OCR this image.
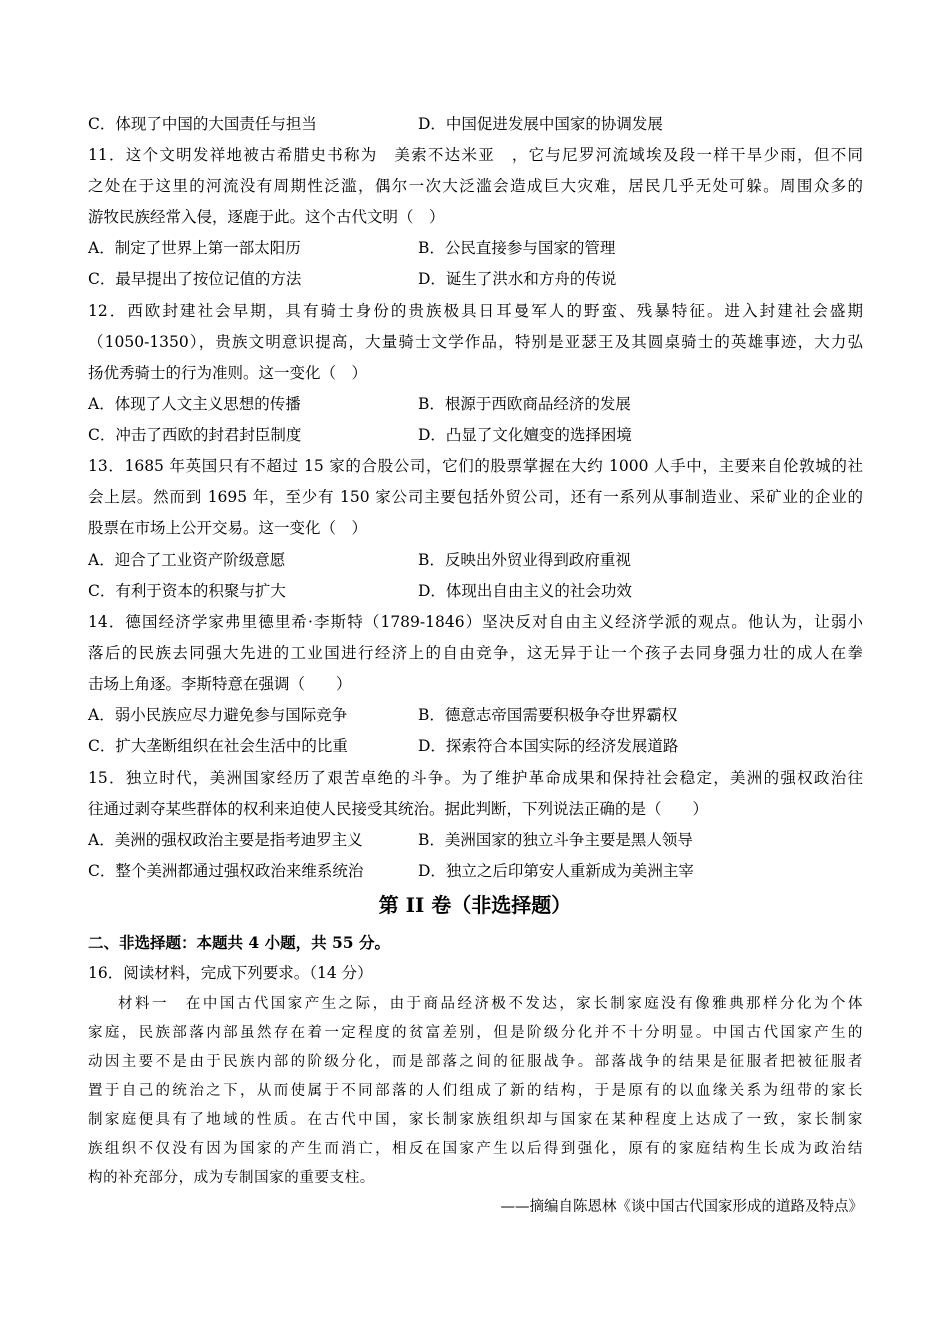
C．体现了中国的大国责任与担当	D．中国促进发展中国家的协调发展
11．这个文明发祥地被古希腊史书称为　美索不达米亚　，它与尼罗河流域埃及段一样干旱少雨，但不同
之处在于这里的河流没有周期性泛滥，偶尔一次大泛滥会造成巨大灾难，居民几乎无处可躲。周围众多的
游牧民族经常入侵，逐鹿于此。这个古代文明（　）
A．制定了世界上第一部太阳历	B．公民直接参与国家的管理
C．最早提出了按位记值的方法	D．诞生了洪水和方舟的传说
12．西欧封建社会早期，具有骑士身份的贵族极具日耳曼军人的野蛮、残暴特征。进入封建社会盛期
（1050-1350），贵族文明意识提高，大量骑士文学作品，特别是亚瑟王及其圆桌骑士的英雄事迹，大力弘
扬优秀骑士的行为准则。这一变化（　）
A．体现了人文主义思想的传播	B．根源于西欧商品经济的发展
C．冲击了西欧的封君封臣制度	D．凸显了文化嬗变的选择困境
13．1685 年英国只有不超过 15 家的合股公司，它们的股票掌握在大约 1000 人手中，主要来自伦敦城的社
会上层。然而到 1695 年，至少有 150 家公司主要包括外贸公司，还有一系列从事制造业、采矿业的企业的
股票在市场上公开交易。这一变化（　）
A．迎合了工业资产阶级意愿	B．反映出外贸业得到政府重视
C．有利于资本的积聚与扩大	D．体现出自由主义的社会功效
14．德国经济学家弗里德里希·李斯特（1789-1846）坚决反对自由主义经济学派的观点。他认为，让弱小
落后的民族去同强大先进的工业国进行经济上的自由竞争，这无异于让一个孩子去同身强力壮的成人在拳
击场上角逐。李斯特意在强调（　　）
A．弱小民族应尽力避免参与国际竞争	B．德意志帝国需要积极争夺世界霸权
C．扩大垄断组织在社会生活中的比重	D．探索符合本国实际的经济发展道路
15．独立时代，美洲国家经历了艰苦卓绝的斗争。为了维护革命成果和保持社会稳定，美洲的强权政治往
往通过剥夺某些群体的权利来迫使人民接受其统治。据此判断，下列说法正确的是（　　）
A．美洲的强权政治主要是指考迪罗主义	B．美洲国家的独立斗争主要是黑人领导
C．整个美洲都通过强权政治来维系统治	D．独立之后印第安人重新成为美洲主宰
第 II 卷（非选择题）
二、非选择题：本题共 4 小题，共 55 分。
16．阅读材料，完成下列要求。（14 分）
材料一　在中国古代国家产生之际，由于商品经济极不发达，家长制家庭没有像雅典那样分化为个体
家庭，民族部落内部虽然存在着一定程度的贫富差别，但是阶级分化并不十分明显。中国古代国家产生的
动因主要不是由于民族内部的阶级分化，而是部落之间的征服战争。部落战争的结果是征服者把被征服者
置于自己的统治之下，从而使属于不同部落的人们组成了新的结构，于是原有的以血缘关系为纽带的家长
制家庭便具有了地域的性质。在古代中国，家长制家族组织却与国家在某种程度上达成了一致，家长制家
族组织不仅没有因为国家的产生而消亡，相反在国家产生以后得到强化，原有的家庭结构生长成为政治结
构的补充部分，成为专制国家的重要支柱。
——摘编自陈恩林《谈中国古代国家形成的道路及特点》
